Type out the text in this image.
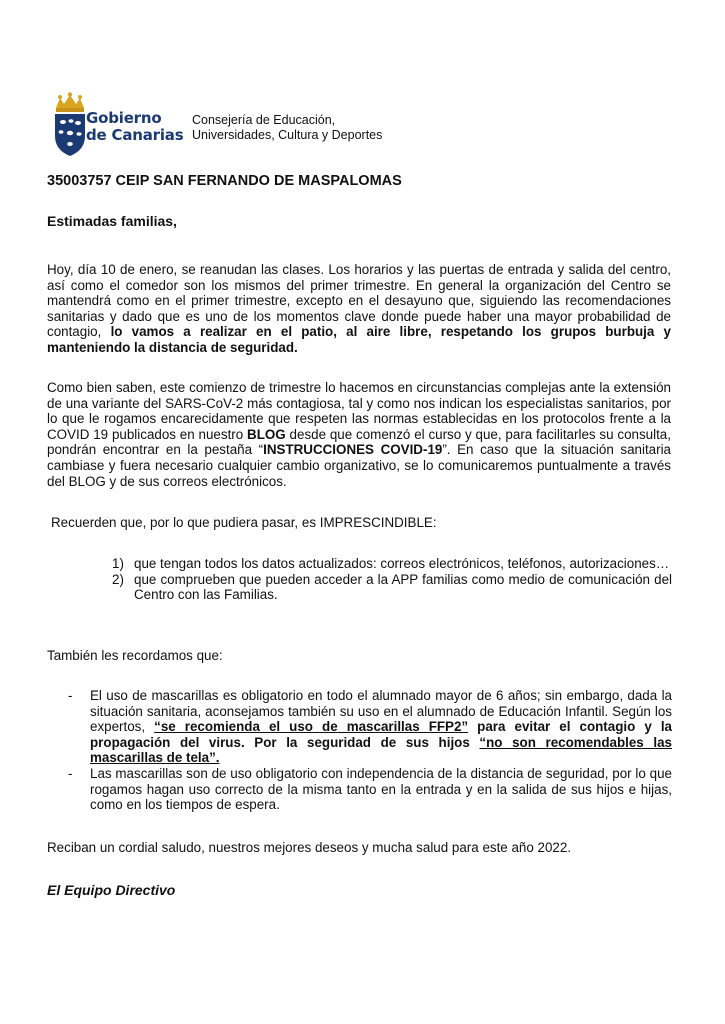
Gobierno
de Canarias
Consejería de Educación,
Universidades, Cultura y Deportes
35003757 CEIP SAN FERNANDO DE MASPALOMAS
Estimadas familias,
Hoy, día 10 de enero, se reanudan las clases. Los horarios y las puertas de entrada y salida del centro, así como el comedor son los mismos del primer trimestre. En general la organización del Centro se mantendrá como en el primer trimestre, excepto en el desayuno que, siguiendo las recomendaciones sanitarias y dado que es uno de los momentos clave donde puede haber una mayor probabilidad de contagio, lo vamos a realizar en el patio, al aire libre, respetando los grupos burbuja y manteniendo la distancia de seguridad.
Como bien saben, este comienzo de trimestre lo hacemos en circunstancias complejas ante la extensión de una variante del SARS-CoV-2 más contagiosa, tal y como nos indican los especialistas sanitarios, por lo que le rogamos encarecidamente que respeten las normas establecidas en los protocolos frente a la COVID 19 publicados en nuestro BLOG desde que comenzó el curso y que, para facilitarles su consulta, pondrán encontrar en la pestaña “INSTRUCCIONES COVID-19”. En caso que la situación sanitaria cambiase y fuera necesario cualquier cambio organizativo, se lo comunicaremos puntualmente a través del BLOG y de sus correos electrónicos.
Recuerden que, por lo que pudiera pasar, es IMPRESCINDIBLE:
1) que tengan todos los datos actualizados: correos electrónicos, teléfonos, autorizaciones…
2) que comprueben que pueden acceder a la APP familias como medio de comunicación del Centro con las Familias.
También les recordamos que:
- El uso de mascarillas es obligatorio en todo el alumnado mayor de 6 años; sin embargo, dada la situación sanitaria, aconsejamos también su uso en el alumnado de Educación Infantil. Según los expertos, “se recomienda el uso de mascarillas FFP2” para evitar el contagio y la propagación del virus. Por la seguridad de sus hijos “no son recomendables las mascarillas de tela”.
- Las mascarillas son de uso obligatorio con independencia de la distancia de seguridad, por lo que rogamos hagan uso correcto de la misma tanto en la entrada y en la salida de sus hijos e hijas, como en los tiempos de espera.
Reciban un cordial saludo, nuestros mejores deseos y mucha salud para este año 2022.
El Equipo Directivo
